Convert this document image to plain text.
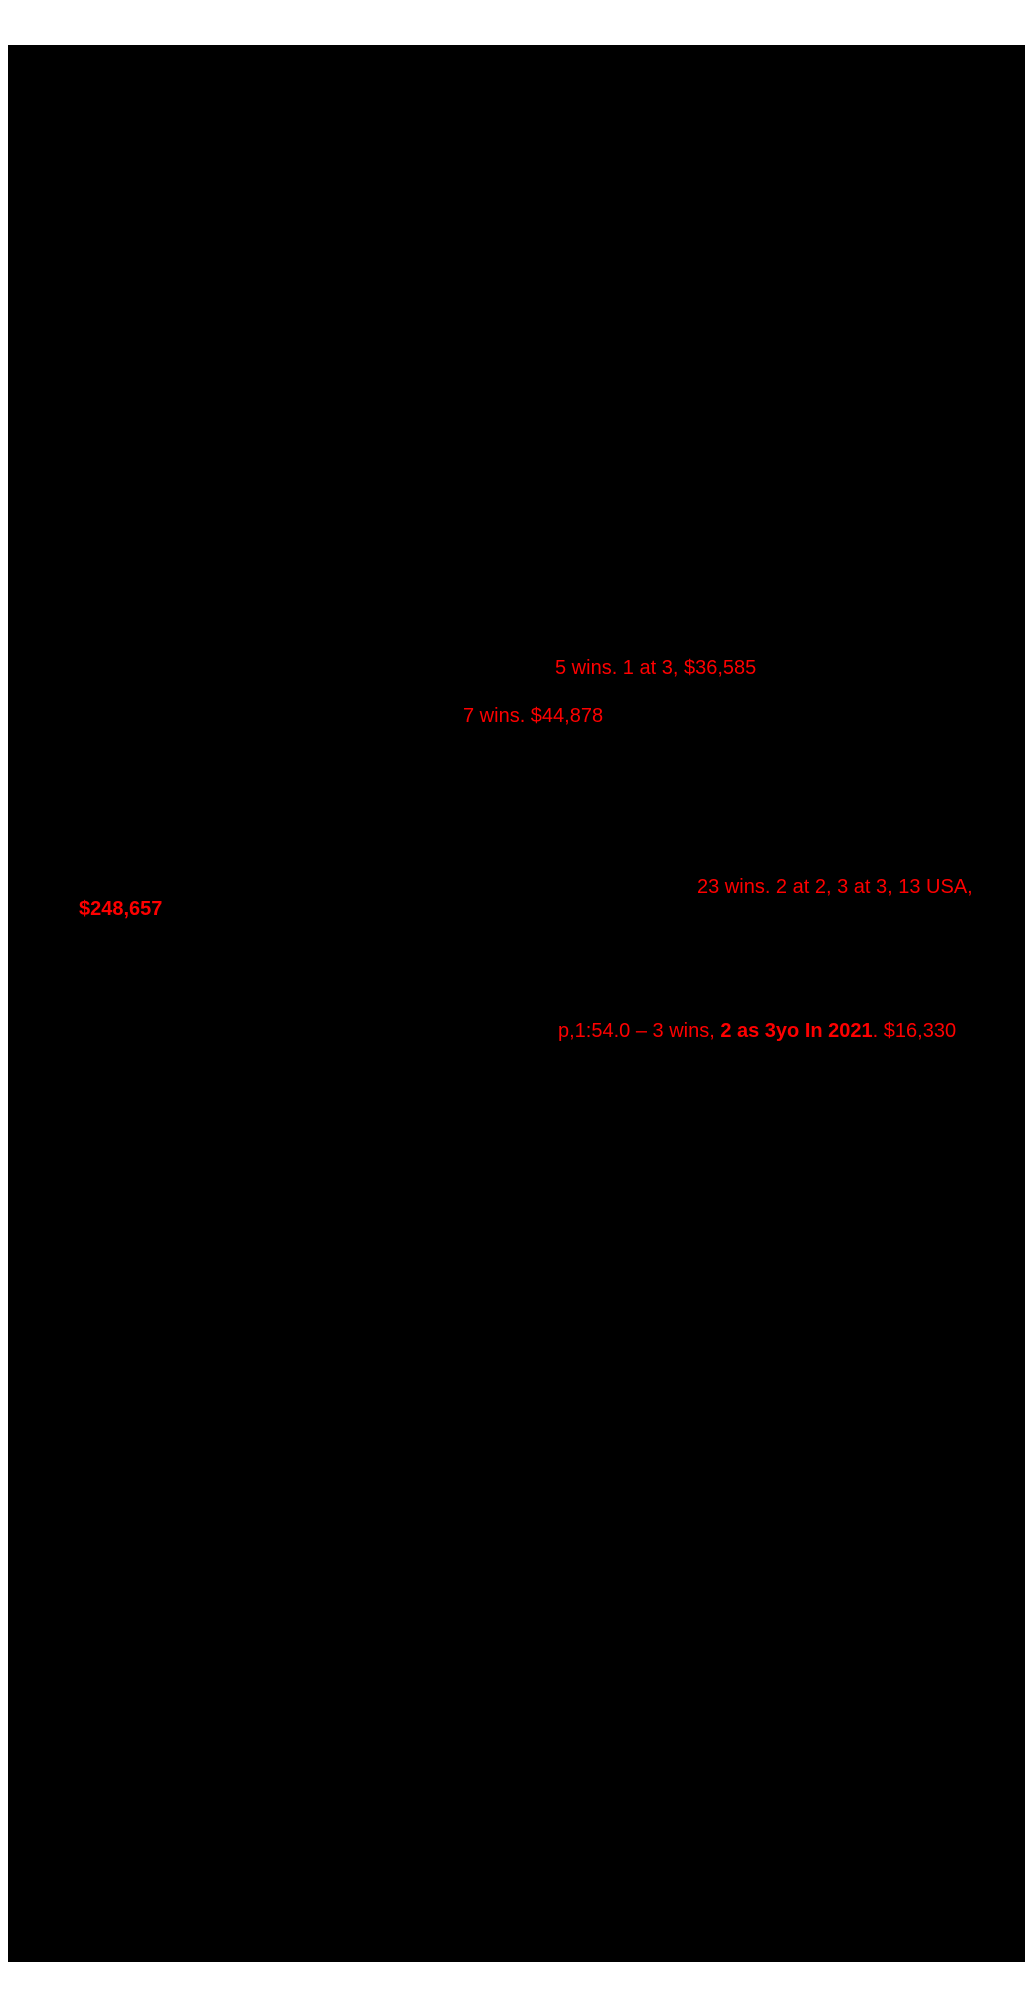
5 wins. 1 at 3, $36,585
7 wins. $44,878
23 wins. 2 at 2, 3 at 3, 13 USA,
$248,657
p,1:54.0 – 3 wins, 2 as 3yo In 2021. $16,330
